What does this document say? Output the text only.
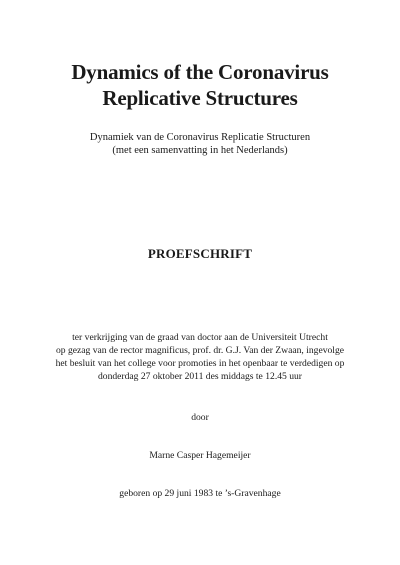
Dynamics of the Coronavirus
Replicative Structures
Dynamiek van de Coronavirus Replicatie Structuren
(met een samenvatting in het Nederlands)
PROEFSCHRIFT
ter verkrijging van de graad van doctor aan de Universiteit Utrecht
op gezag van de rector magnificus, prof. dr. G.J. Van der Zwaan, ingevolge
het besluit van het college voor promoties in het openbaar te verdedigen op
donderdag 27 oktober 2011 des middags te 12.45 uur
door
Marne Casper Hagemeijer
geboren op 29 juni 1983 te ’s-Gravenhage
